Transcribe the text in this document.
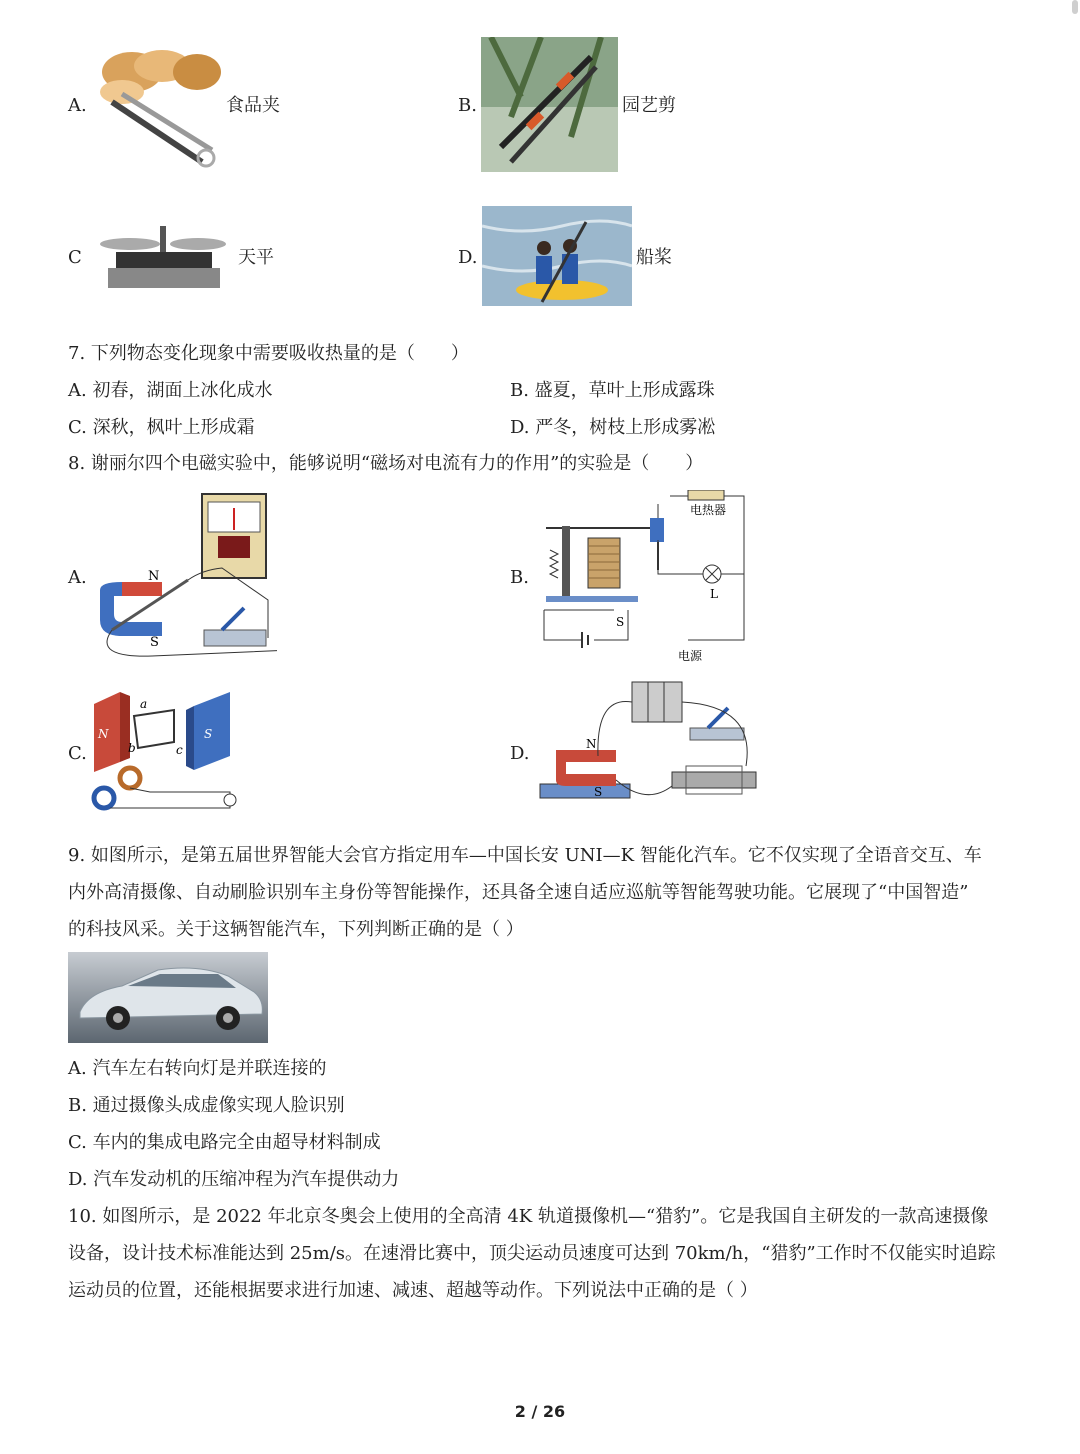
A.	食品夹	B.	园艺剪
C	天平	D.	船桨
7. 下列物态变化现象中需要吸收热量的是（　　）
A. 初春，湖面上冰化成水	B. 盛夏，草叶上形成露珠
C. 深秋，枫叶上形成霜	D. 严冬，树枝上形成雾凇
8. 谢丽尔四个电磁实验中，能够说明“磁场对电流有力的作用”的实验是（　　）
A.	N
S
B.
电热器
L
S
电源
C.
N	S
a
b	c	D.	N
S
9. 如图所示，是第五届世界智能大会官方指定用车—中国长安 UNI—K 智能化汽车。它不仅实现了全语音交互、车
内外高清摄像、自动刷脸识别车主身份等智能操作，还具备全速自适应巡航等智能驾驶功能。它展现了“中国智造”
的科技风采。关于这辆智能汽车，下列判断正确的是（ ）
A. 汽车左右转向灯是并联连接的
B. 通过摄像头成虚像实现人脸识别
C. 车内的集成电路完全由超导材料制成
D. 汽车发动机的压缩冲程为汽车提供动力
10. 如图所示，是 2022 年北京冬奥会上使用的全高清 4K 轨道摄像机—“猎豹”。它是我国自主研发的一款高速摄像
设备，设计技术标准能达到 25m/s。在速滑比赛中，顶尖运动员速度可达到 70km/h，“猎豹”工作时不仅能实时追踪
运动员的位置，还能根据要求进行加速、减速、超越等动作。下列说法中正确的是（ ）
2 / 26
